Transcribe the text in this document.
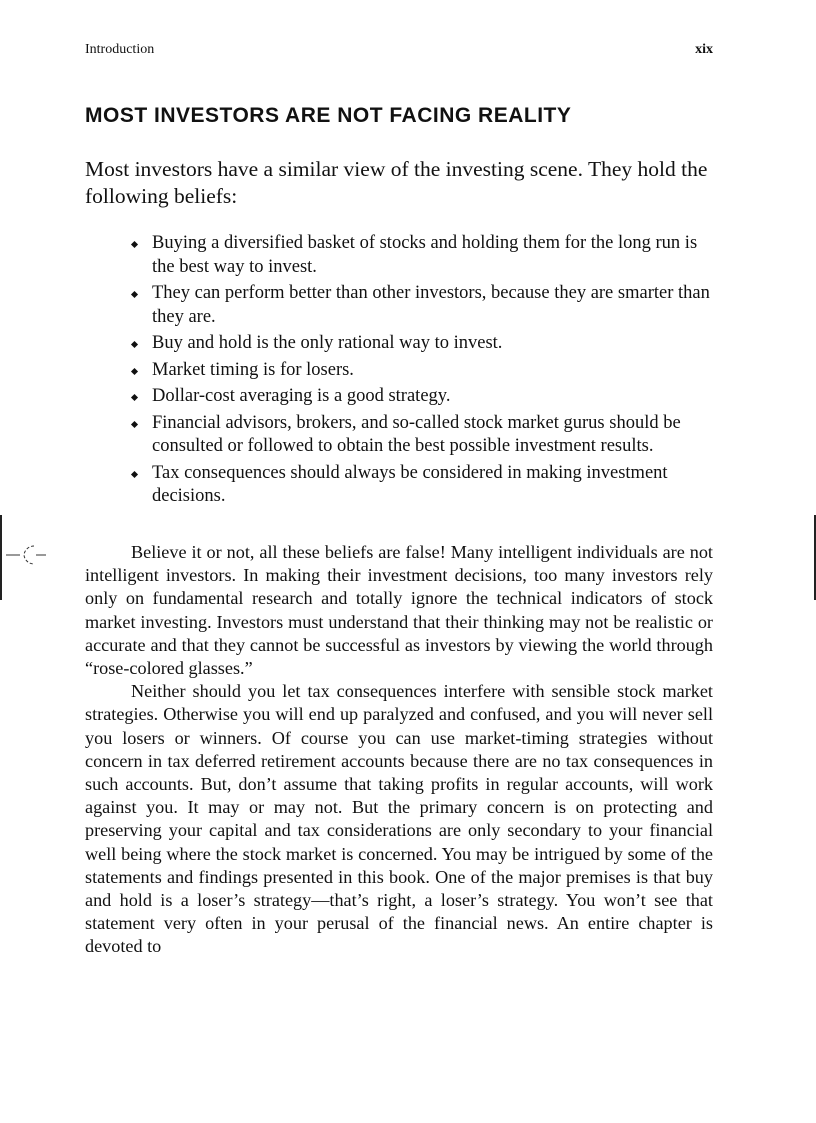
Introduction	xix
MOST INVESTORS ARE NOT FACING REALITY

Most investors have a similar view of the investing scene. They hold the following beliefs:

Buying a diversified basket of stocks and holding them for the long run is the best way to invest.
They can perform better than other investors, because they are smarter than they are.
Buy and hold is the only rational way to invest.
Market timing is for losers.
Dollar-cost averaging is a good strategy.
Financial advisors, brokers, and so-called stock market gurus should be consulted or followed to obtain the best possible investment results.
Tax consequences should always be considered in making investment decisions.

Believe it or not, all these beliefs are false! Many intelligent individuals are not intelligent investors. In making their investment decisions, too many investors rely only on fundamental research and totally ignore the technical indicators of stock market investing. Investors must understand that their thinking may not be realistic or accurate and that they cannot be successful as investors by viewing the world through “rose-colored glasses.”

Neither should you let tax consequences interfere with sensible stock market strategies. Otherwise you will end up paralyzed and confused, and you will never sell you losers or winners. Of course you can use market-timing strategies without concern in tax deferred retirement accounts because there are no tax consequences in such accounts. But, don’t assume that taking profits in regular accounts, will work against you. It may or may not. But the primary concern is on protecting and preserving your capital and tax considerations are only secondary to your financial well being where the stock market is concerned. You may be intrigued by some of the statements and findings presented in this book. One of the major premises is that buy and hold is a loser’s strategy—that’s right, a loser’s strategy. You won’t see that statement very often in your perusal of the financial news. An entire chapter is devoted to
